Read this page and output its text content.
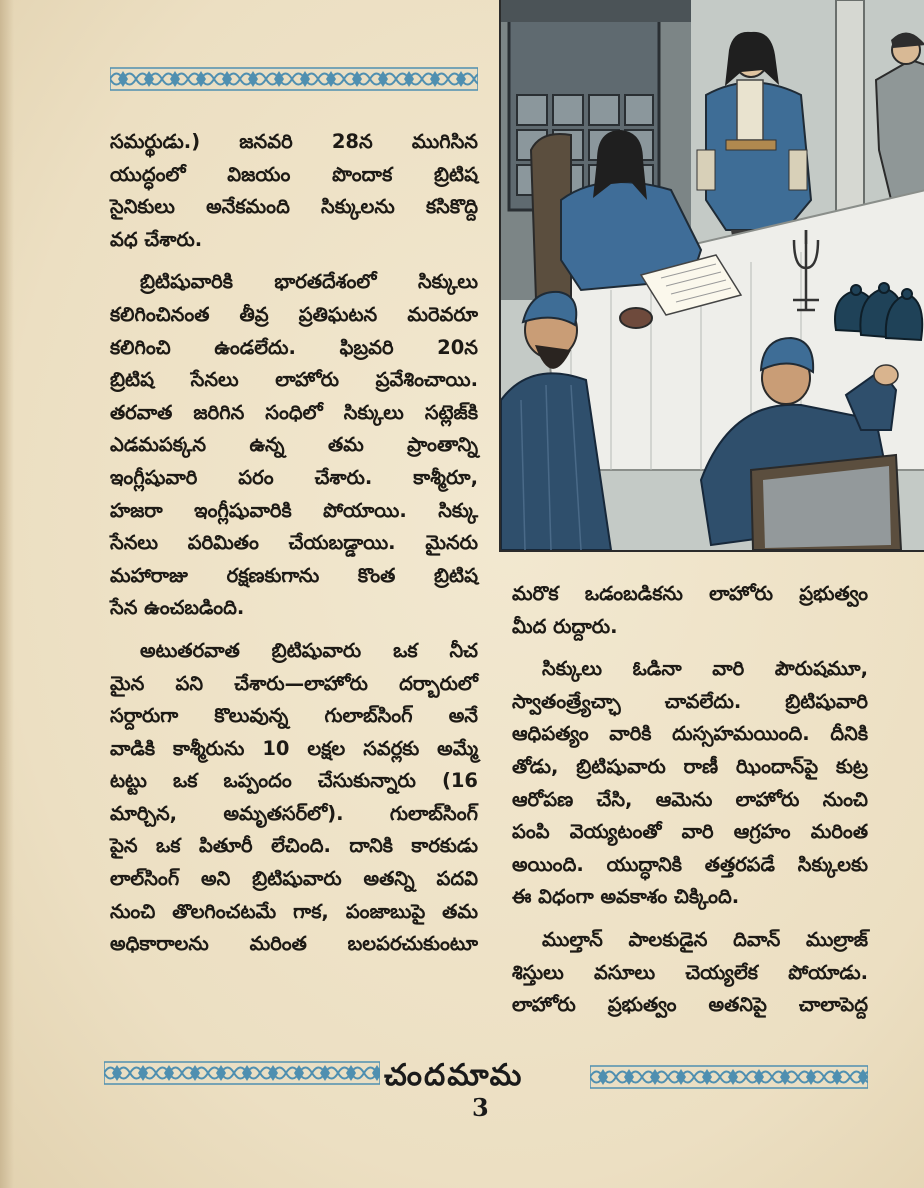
సమర్థుడు.) జనవరి 28న ముగిసిన

యుద్ధంలో విజయం పొందాక బ్రిటిష

సైనికులు అనేకమంది సిక్కులను కసికొద్ది

వధ చేశారు.

బ్రిటిషువారికి భారతదేశంలో సిక్కులు

కలిగించినంత తీవ్ర ప్రతిఘటన మరెవరూ

కలిగించి ఉండలేదు. ఫిబ్రవరి 20న

బ్రిటిష సేనలు లాహోరు ప్రవేశించాయి.

తరవాత జరిగిన సంధిలో సిక్కులు సట్లెజ్‌కి

ఎడమపక్కన ఉన్న తమ ప్రాంతాన్ని

ఇంగ్లీషువారి పరం చేశారు. కాశ్మీరూ,

హజరా ఇంగ్లీషువారికి పోయాయి. సిక్కు

సేనలు పరిమితం చేయబడ్డాయి. మైనరు

మహారాజు రక్షణకుగాను కొంత బ్రిటిష

సేన ఉంచబడింది.

అటుతరవాత బ్రిటిషువారు ఒక నీచ

మైన పని చేశారు—లాహోరు దర్బారులో

సర్దారుగా కొలువున్న గులాబ్‌సింగ్ అనే

వాడికి కాశ్మీరును 10 లక్షల సవర్లకు అమ్మే

టట్టు ఒక ఒప్పందం చేసుకున్నారు (16

మార్చిన, అమృతసర్‌లో). గులాబ్‌సింగ్

పైన ఒక పితూరీ లేచింది. దానికి కారకుడు

లాల్‌సింగ్ అని బ్రిటిషువారు అతన్ని పదవి

నుంచి తొలగించటమే గాక, పంజాబుపై తమ

అధికారాలను మరింత బలపరచుకుంటూ

మరొక ఒడంబడికను లాహోరు ప్రభుత్వం

మీద రుద్దారు.

సిక్కులు ఓడినా వారి పౌరుషమూ,

స్వాతంత్ర్యేచ్ఛా చావలేదు. బ్రిటిషువారి

ఆధిపత్యం వారికి దుస్సహమయింది. దీనికి

తోడు, బ్రిటిషువారు రాణీ ఝిందాన్‌పై కుట్ర

ఆరోపణ చేసి, ఆమెను లాహోరు నుంచి

పంపి వెయ్యటంతో వారి ఆగ్రహం మరింత

అయింది. యుద్ధానికి తత్తరపడే సిక్కులకు

ఈ విధంగా అవకాశం చిక్కింది.

ముల్తాన్ పాలకుడైన దివాన్ ముల్రాజ్

శిస్తులు వసూలు చెయ్యలేక పోయాడు.

లాహోరు ప్రభుత్వం అతనిపై చాలాపెద్ద

చందమామ
3
